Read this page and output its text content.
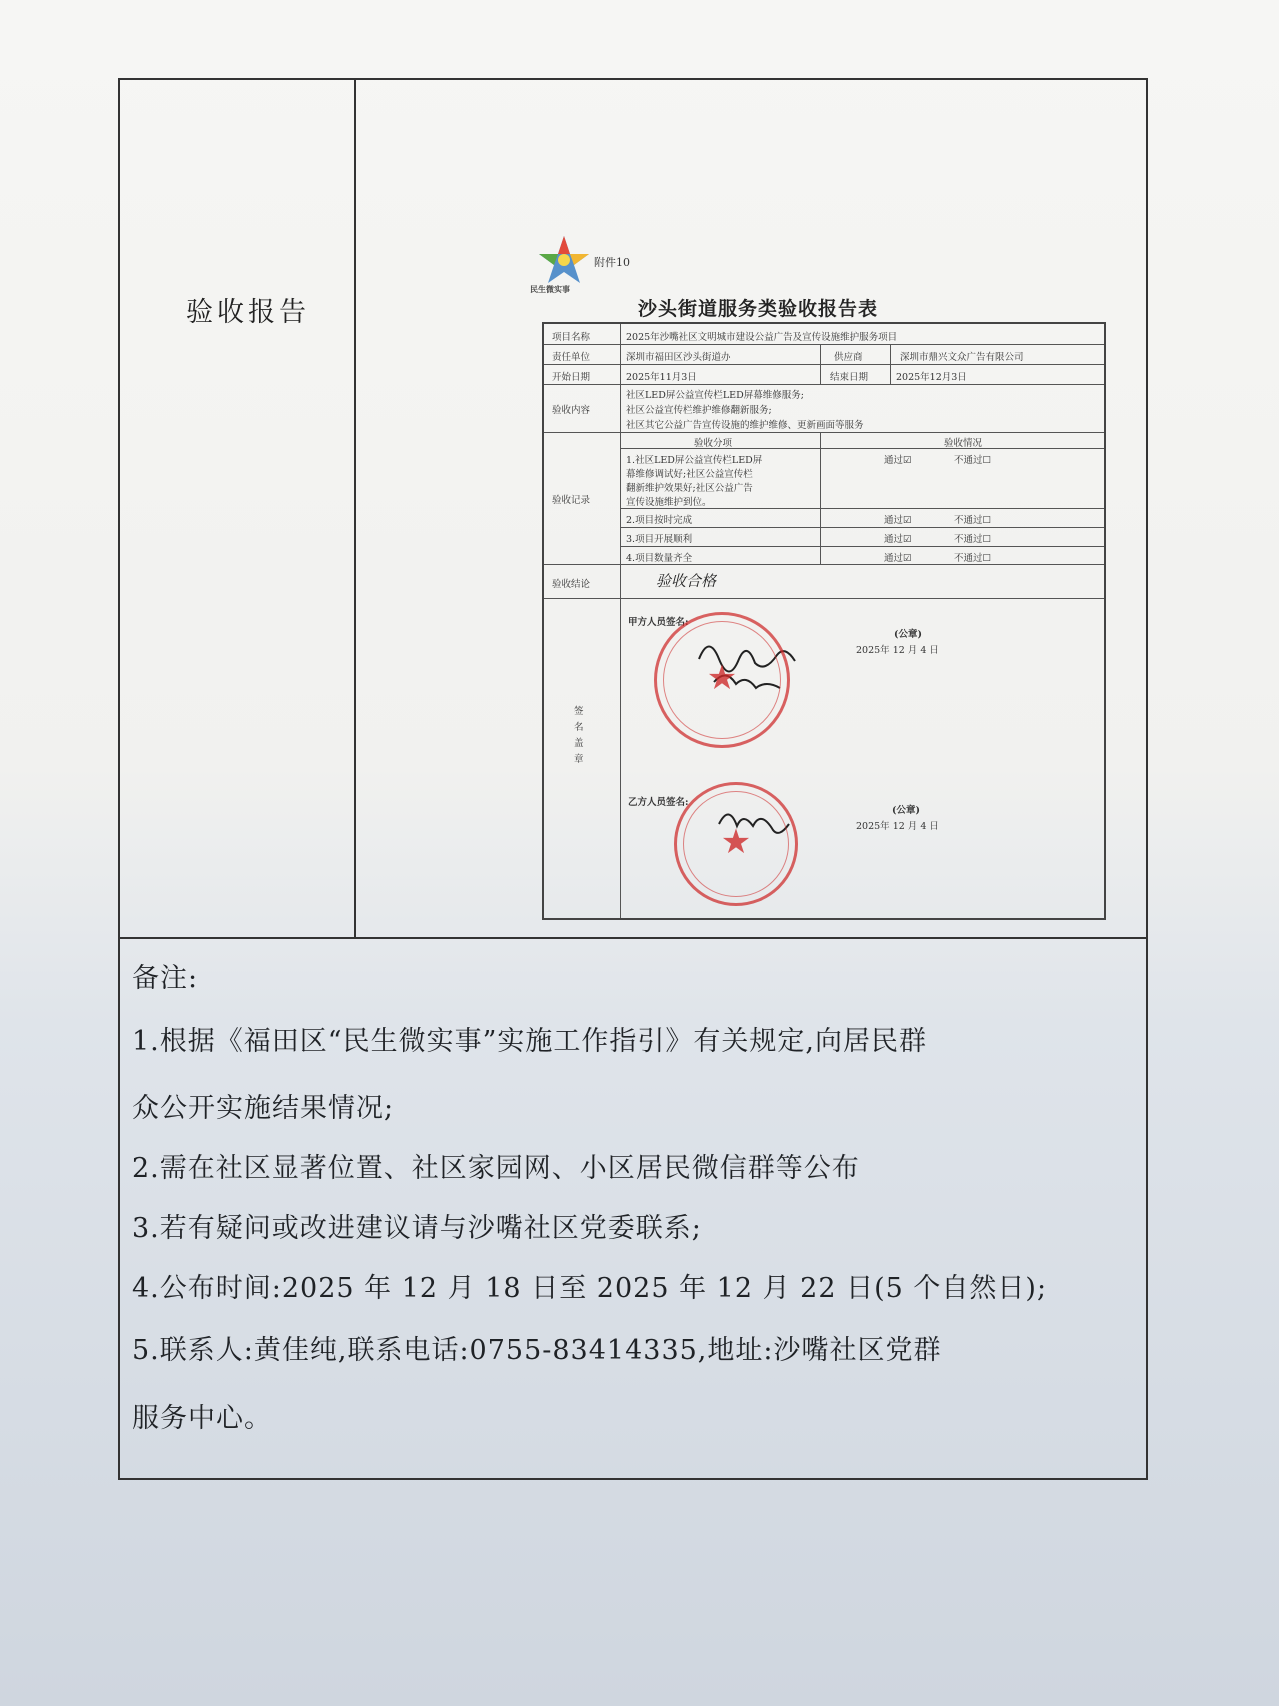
验收报告
民生微实事
附件10
沙头街道服务类验收报告表
项目名称	2025年沙嘴社区文明城市建设公益广告及宣传设施维护服务项目
责任单位	深圳市福田区沙头街道办	供应商	深圳市鼎兴文众广告有限公司
开始日期	2025年11月3日	结束日期	2025年12月3日
验收内容
社区LED屏公益宣传栏LED屏幕维修服务;
社区公益宣传栏维护维修翻新服务;
社区其它公益广告宣传设施的维护维修、更新画面等服务
验收记录
验收分项	验收情况
1.社区LED屏公益宣传栏LED屏
幕维修调试好;社区公益宣传栏
翻新维护效果好;社区公益广告
宣传设施维护到位。
通过☑	不通过☐
2.项目按时完成	通过☑	不通过☐
3.项目开展顺利	通过☑	不通过☐
4.项目数量齐全	通过☑	不通过☐
验收结论	验收合格
签名盖章
甲方人员签名:
(公章)
2025年 12 月 4 日
乙方人员签名:
(公章)
2025年 12 月 4 日
★
★
备注:
1.根据《福田区“民生微实事”实施工作指引》有关规定,向居民群
众公开实施结果情况;
2.需在社区显著位置、社区家园网、小区居民微信群等公布
3.若有疑问或改进建议请与沙嘴社区党委联系;
4.公布时间:2025 年 12 月 18 日至 2025 年 12 月 22 日(5 个自然日);
5.联系人:黄佳纯,联系电话:0755-83414335,地址:沙嘴社区党群
服务中心。
